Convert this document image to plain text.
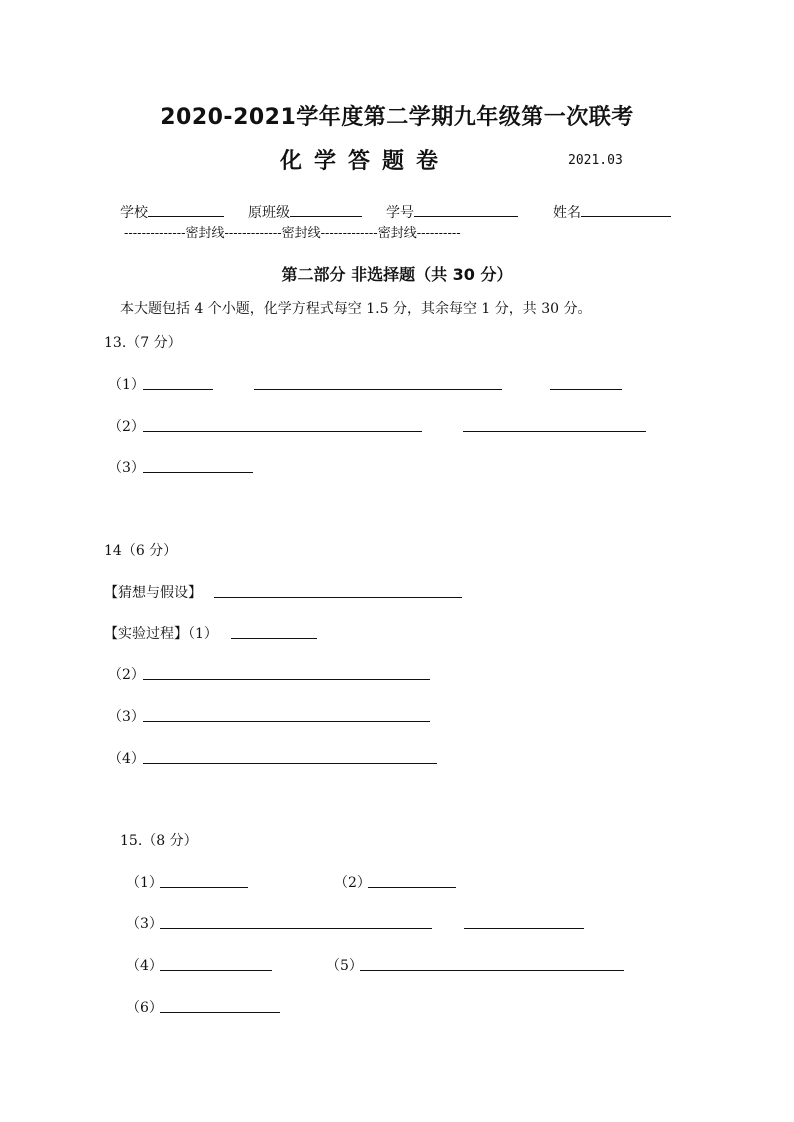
2020-2021学年度第二学期九年级第一次联考
化学答题卷	2021.03
学校	原班级	学号	姓名
--------------密封线-------------密封线-------------密封线----------
第二部分 非选择题（共 30 分）
本大题包括 4 个小题，化学方程式每空 1.5 分，其余每空 1 分，共 30 分。
13.（7 分）
（1）
（2）
（3）
14（6 分）
【猜想与假设】
【实验过程】（1）
（2）
（3）
（4）
15.（8 分）
（1）	（2）
（3）
（4）	（5）
（6）
